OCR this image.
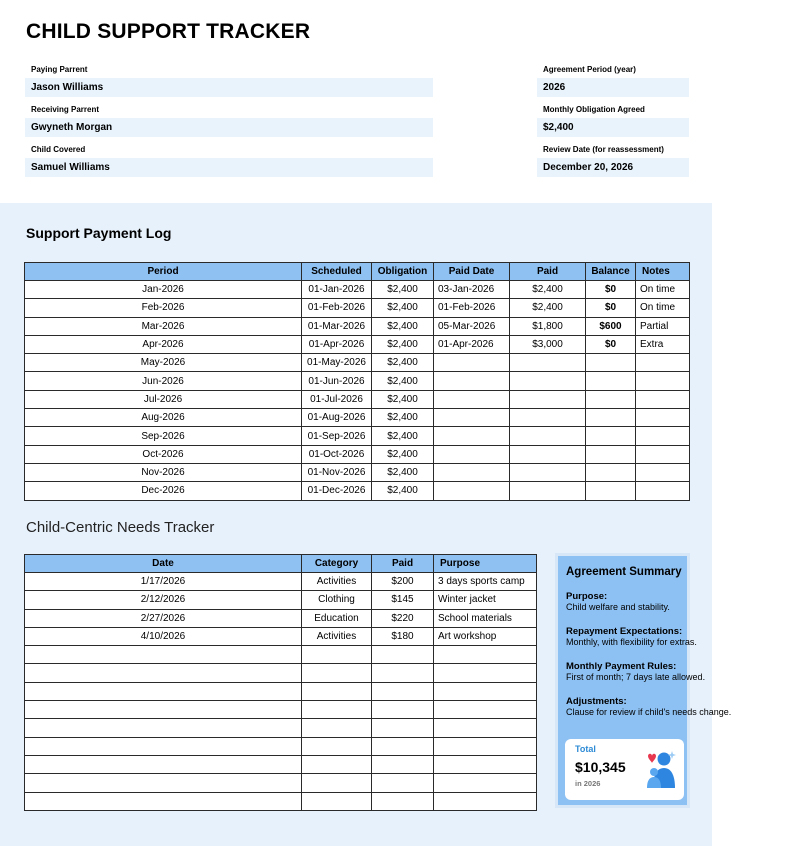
CHILD SUPPORT TRACKER
Paying Parrent
Jason Williams
Receiving Parrent
Gwyneth Morgan
Child Covered
Samuel Williams
Agreement Period (year)
2026
Monthly Obligation Agreed
$2,400
Review Date (for reassessment)
December 20, 2026
Support Payment Log
Period	Scheduled	Obligation	Paid Date	Paid	Balance	Notes
Jan-2026	01-Jan-2026	$2,400	03-Jan-2026	$2,400	$0	On time
Feb-2026	01-Feb-2026	$2,400	01-Feb-2026	$2,400	$0	On time
Mar-2026	01-Mar-2026	$2,400	05-Mar-2026	$1,800	$600	Partial
Apr-2026	01-Apr-2026	$2,400	01-Apr-2026	$3,000	$0	Extra
May-2026	01-May-2026	$2,400				
Jun-2026	01-Jun-2026	$2,400				
Jul-2026	01-Jul-2026	$2,400				
Aug-2026	01-Aug-2026	$2,400				
Sep-2026	01-Sep-2026	$2,400				
Oct-2026	01-Oct-2026	$2,400				
Nov-2026	01-Nov-2026	$2,400				
Dec-2026	01-Dec-2026	$2,400				
Child-Centric Needs Tracker
Date	Category	Paid	Purpose
1/17/2026	Activities	$200	3 days sports camp
2/12/2026	Clothing	$145	Winter jacket
2/27/2026	Education	$220	School materials
4/10/2026	Activities	$180	Art workshop

Agreement Summary
Purpose:
Child welfare and stability.
Repayment Expectations:
Monthly, with flexibility for extras.
Monthly Payment Rules:
First of month; 7 days late allowed.
Adjustments:
Clause for review if child's needs change.
Total
$10,345
in 2026
